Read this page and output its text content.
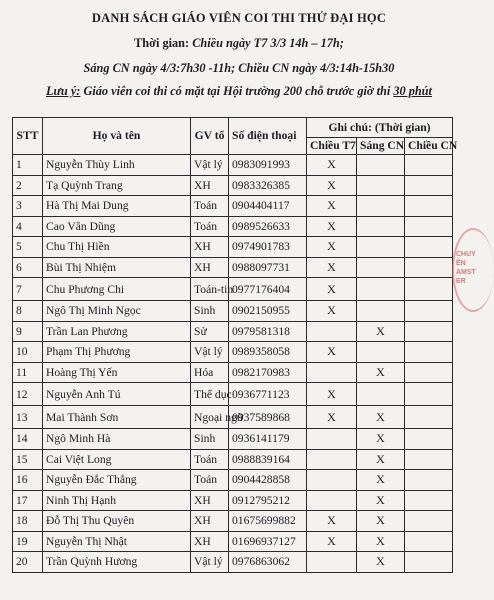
DANH SÁCH GIÁO VIÊN COI THI THỬ ĐẠI HỌC
Thời gian: Chiều ngày T7 3/3 14h – 17h;
Sáng CN ngày 4/3:7h30 -11h; Chiều CN ngày 4/3:14h-15h30
Lưu ý: Giáo viên coi thi có mặt tại Hội trường 200 chỗ trước giờ thi 30 phút
STT	Họ và tên	GV tổ	Số điện thoại	Ghi chú: (Thời gian)		
				Chiều T7	Sáng CN	Chiều CN
1	Nguyễn Thùy Linh	Vật lý	0983091993	X		
2	Tạ Quỳnh Trang	XH	0983326385	X		
3	Hà Thị Mai Dung	Toán	0904404117	X		
4	Cao Văn Dũng	Toán	0989526633	X		
5	Chu Thị Hiền	XH	0974901783	X		
6	Bùi Thị Nhiệm	XH	0988097731	X		
7	Chu Phương Chi	Toán-tin	0977176404	X		
8	Ngô Thị Minh Ngọc	Sinh	0902150955	X		
9	Trần Lan Phương	Sử	0979581318		X	
10	Phạm Thị Phương	Vật lý	0989358058	X		
11	Hoàng Thị Yến	Hóa	0982170983		X	
12	Nguyễn Anh Tú	Thể dục	0936771123	X		
13	Mai Thành Sơn	Ngoại ngữ	0937589868	X	X	
14	Ngô Minh Hà	Sinh	0936141179		X	
15	Cai Việt Long	Toán	0988839164		X	
16	Nguyễn Đắc Thắng	Toán	0904428858		X	
17	Ninh Thị Hạnh	XH	0912795212		X	
18	Đỗ Thị Thu Quyên	XH	01675699882	X	X	
19	Nguyễn Thị Nhật	XH	01696937127	X	X	
20	Trần Quỳnh Hương	Vật lý	0976863062		X	
CHUYÊN AMSTER
